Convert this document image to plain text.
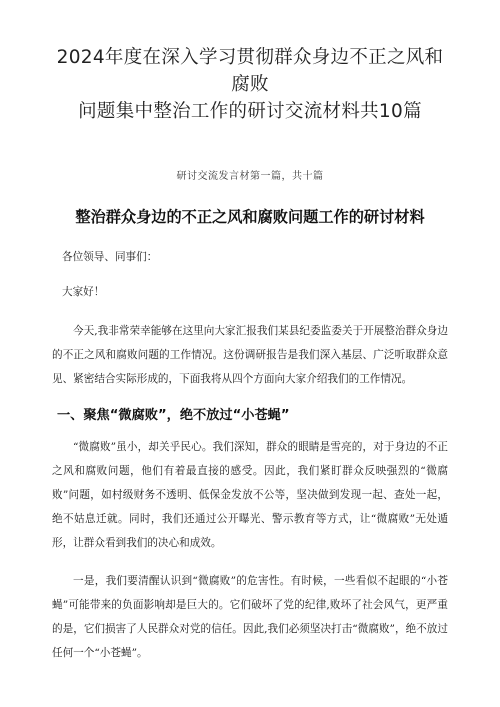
2024年度在深入学习贯彻群众身边不正之风和腐败
问题集中整治工作的研讨交流材料共10篇
研讨交流发言材第一篇，共十篇
整治群众身边的不正之风和腐败问题工作的研讨材料
各位领导、同事们：
大家好！

今天,我非常荣幸能够在这里向大家汇报我们某县纪委监委关于开展整治群众身边的不正之风和腐败问题的工作情况。这份调研报告是我们深入基层、广泛听取群众意见、紧密结合实际形成的，下面我将从四个方面向大家介绍我们的工作情况。

一、聚焦“微腐败”，绝不放过“小苍蝇”

“微腐败”虽小，却关乎民心。我们深知，群众的眼睛是雪亮的，对于身边的不正之风和腐败问题，他们有着最直接的感受。因此，我们紧盯群众反映强烈的“微腐败”问题，如村级财务不透明、低保金发放不公等，坚决做到发现一起、查处一起，绝不姑息迁就。同时，我们还通过公开曝光、警示教育等方式，让“微腐败”无处遁形，让群众看到我们的决心和成效。

一是，我们要清醒认识到“微腐败”的危害性。有时候，一些看似不起眼的“小苍蝇”可能带来的负面影响却是巨大的。它们破坏了党的纪律,败坏了社会风气，更严重的是，它们损害了人民群众对党的信任。因此,我们必须坚决打击“微腐败”，绝不放过任何一个“小苍蝇”。
